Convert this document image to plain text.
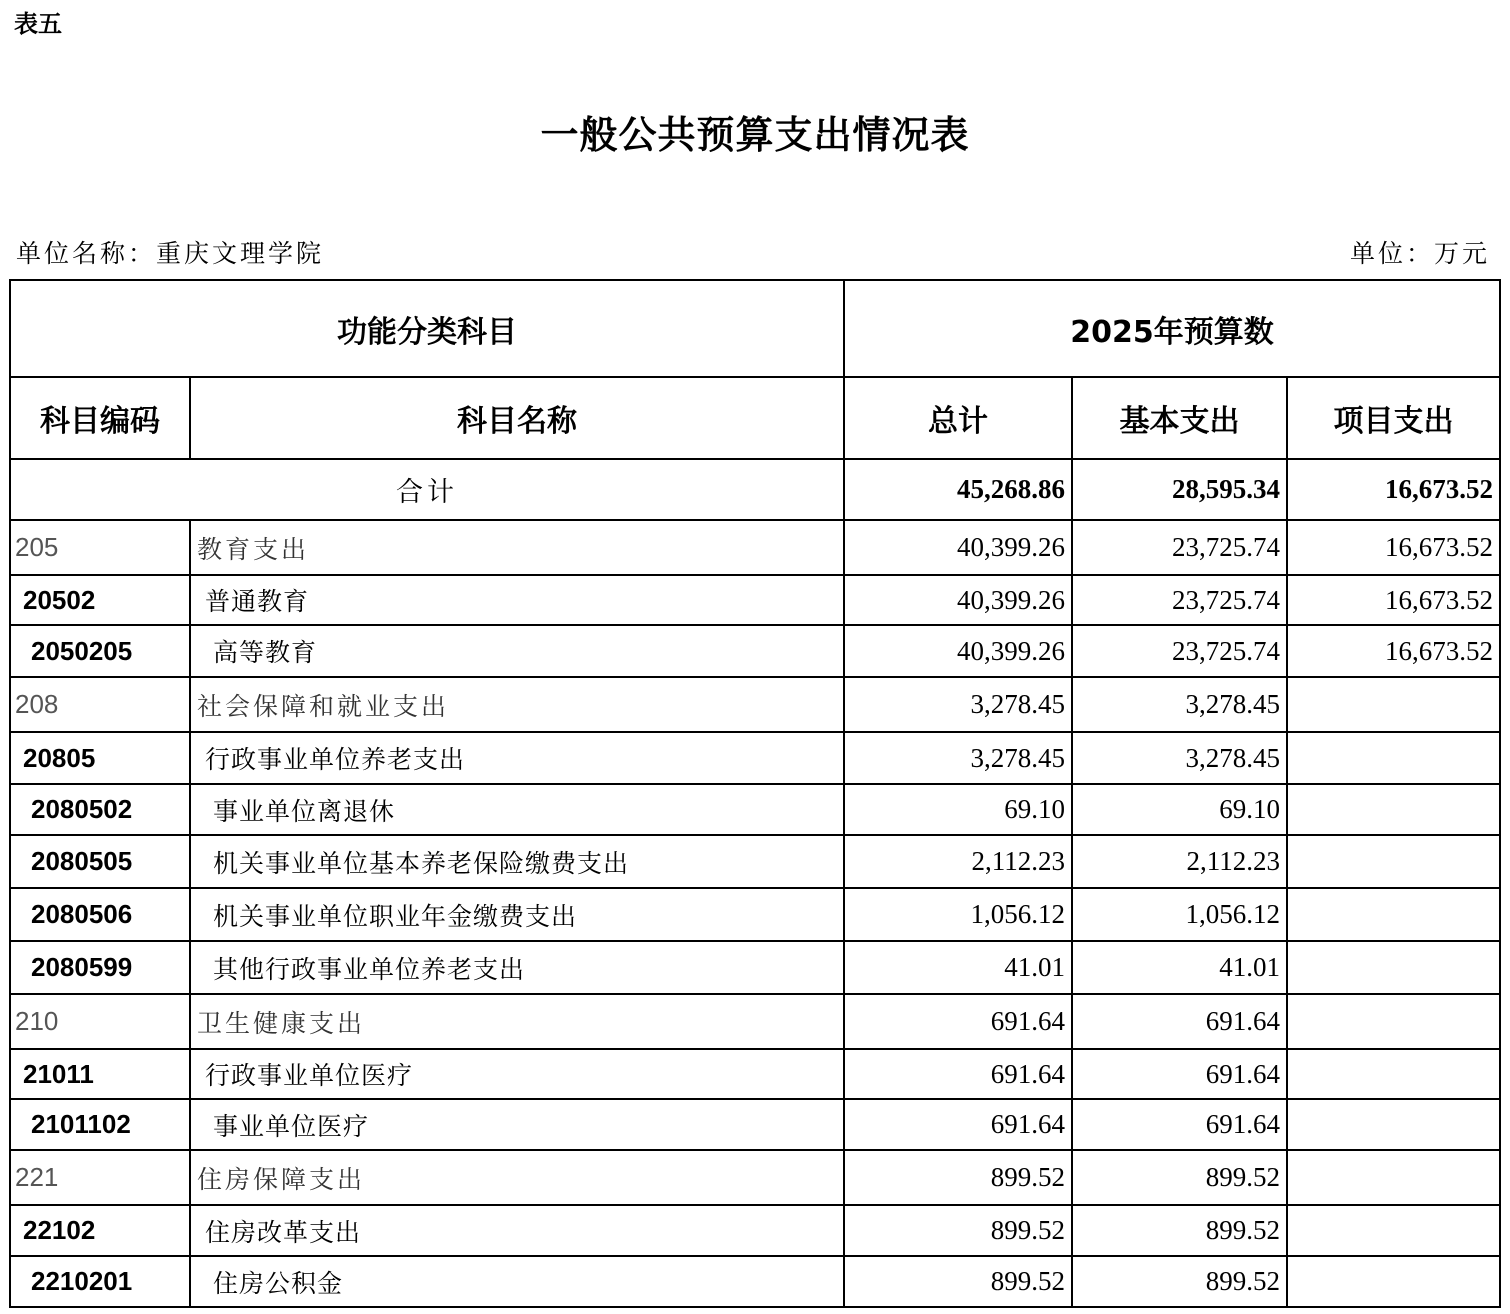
表五
一般公共预算支出情况表
单位名称：重庆文理学院	单位：万元
功能分类科目		2025年预算数		
科目编码	科目名称	总计	基本支出	项目支出
合计		45,268.86	28,595.34	16,673.52
205	教育支出	40,399.26	23,725.74	16,673.52
20502	普通教育	40,399.26	23,725.74	16,673.52
2050205	高等教育	40,399.26	23,725.74	16,673.52
208	社会保障和就业支出	3,278.45	3,278.45	
20805	行政事业单位养老支出	3,278.45	3,278.45	
2080502	事业单位离退休	69.10	69.10	
2080505	机关事业单位基本养老保险缴费支出	2,112.23	2,112.23	
2080506	机关事业单位职业年金缴费支出	1,056.12	1,056.12	
2080599	其他行政事业单位养老支出	41.01	41.01	
210	卫生健康支出	691.64	691.64	
21011	行政事业单位医疗	691.64	691.64	
2101102	事业单位医疗	691.64	691.64	
221	住房保障支出	899.52	899.52	
22102	住房改革支出	899.52	899.52	
2210201	住房公积金	899.52	899.52	
